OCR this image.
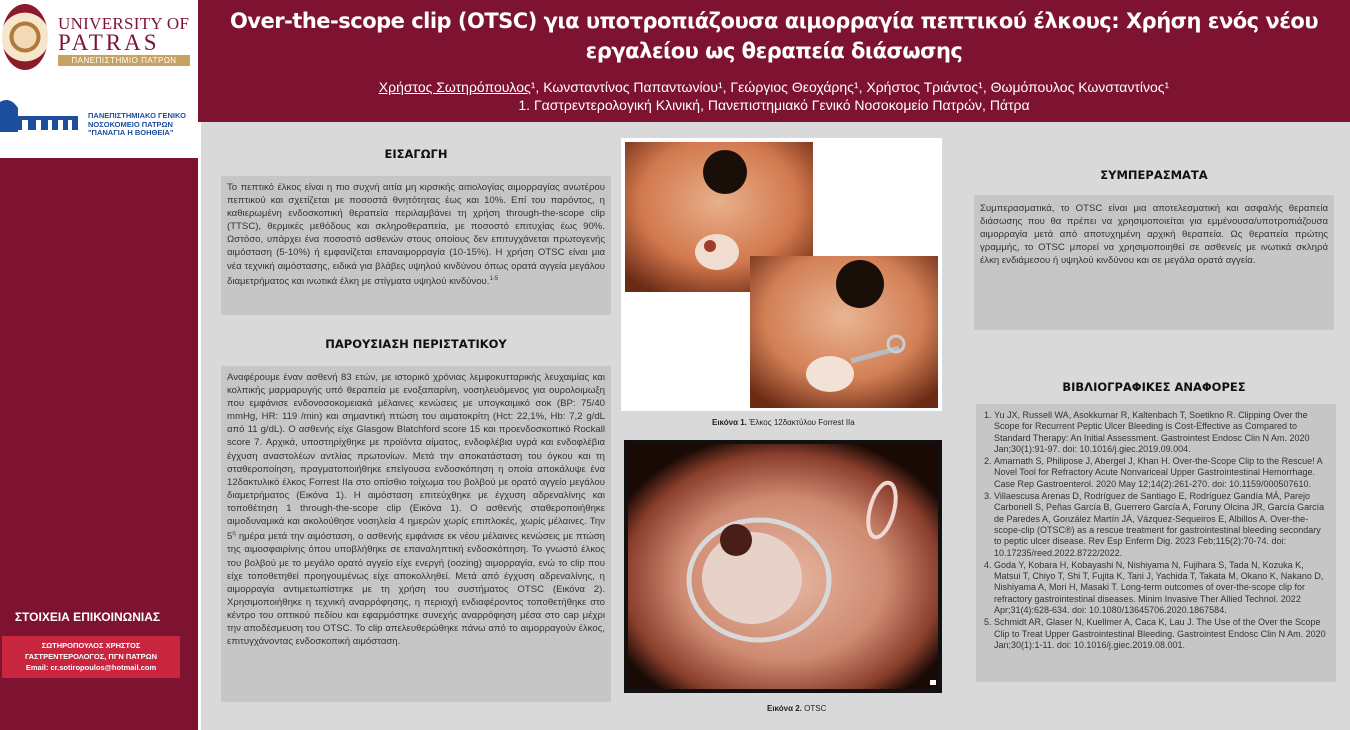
Over-the-scope clip (OTSC) για υποτροπιάζουσα αιμορραγία πεπτικού έλκους: Χρήση ενός νέου
εργαλείου ως θεραπεία διάσωσης
Χρήστος Σωτηρόπουλος¹, Κωνσταντίνος Παπαντωνίου¹, Γεώργιος Θεοχάρης¹, Χρήστος Τριάντος¹, Θωμόπουλος Κωνσταντίνος¹
1. Γαστρεντερολογική Κλινική, Πανεπιστημιακό Γενικό Νοσοκομείο Πατρών, Πάτρα
UNIVERSITY OF
PATRAS
ΠΑΝΕΠΙΣΤΗΜΙΟ ΠΑΤΡΩΝ
ΠΑΝΕΠΙΣΤΗΜΙΑΚΟ ΓΕΝΙΚΟ
ΝΟΣΟΚΟΜΕΙΟ ΠΑΤΡΩΝ
"ΠΑΝΑΓΙΑ Η ΒΟΗΘΕΙΑ"
ΣΤΟΙΧΕΙΑ ΕΠΙΚΟΙΝΩΝΙΑΣ
ΣΩΤΗΡΟΠΟΥΛΟΣ ΧΡΗΣΤΟΣ
ΓΑΣΤΡΕΝΤΕΡΟΛΟΓΟΣ, ΠΓΝ ΠΑΤΡΩΝ
Email: cr.sotiropoulos@hotmail.com
ΕΙΣΑΓΩΓΗ
Το πεπτικό έλκος είναι η πιο συχνή αιτία μη κιρσικής αιτιολογίας αιμορραγίας ανωτέρου πεπτικού και σχετίζεται με ποσοστά θνητότητας έως και 10%. Επί του παρόντος, η καθιερωμένη ενδοσκοπική θεραπεία περιλαμβάνει τη χρήση through-the-scope clip (TTSC), θερμικές μεθόδους και σκληροθεραπεία, με ποσοστό επιτυχίας έως 90%. Ωστόσο, υπάρχει ένα ποσοστό ασθενών στους οποίους δεν επιτυγχάνεται πρωτογενής αιμόσταση (5-10%) ή εμφανίζεται επαναιμορραγία (10-15%). Η χρήση OTSC είναι μια νέα τεχνική αιμόστασης, ειδικά για βλάβες υψηλού κινδύνου όπως ορατά αγγεία μεγάλου διαμετρήματος και ινωτικά έλκη με στίγματα υψηλού κινδύνου.$^{1-5}$
ΠΑΡΟΥΣΙΑΣΗ ΠΕΡΙΣΤΑΤΙΚΟΥ
Αναφέρουμε έναν ασθενή 83 ετών, με ιστορικό χρόνιας λεμφοκυτταρικής λευχαιμίας και κολπικής μαρμαρυγής υπό θεραπεία με ενοξαπαρίνη, νοσηλευόμενος για ουρολοιμωξη που εμφάνισε ενδονοσοκομειακά μέλαινες κενώσεις με υπογκαιμικό σοκ (BP: 75/40 mmHg, HR: 119 /min) και σημαντική πτώση του αιματοκρίτη (Hct: 22,1%, Hb: 7,2 g/dL από 11 g/dL). Ο ασθενής είχε Glasgow Blatchford score 15 και προενδοσκοπικό Rockall score 7. Αρχικά, υποστηρίχθηκε με προϊόντα αίματος, ενδοφλέβια υγρά και ενδοφλέβια έγχυση αναστολέων αντλίας πρωτονίων. Μετά την αποκατάσταση του όγκου και τη σταθεροποίηση, πραγματοποιήθηκε επείγουσα ενδοσκόπηση η οποία αποκάλυψε ένα 12δακτυλικό έλκος Forrest IIa στο οπίσθιο τοίχωμα του βολβού με ορατό αγγείο μεγάλου διαμετρήματος (Εικόνα 1). Η αιμόσταση επιτεύχθηκε με έγχυση αδρεναλίνης και τοποθέτηση 1 through-the-scope clip (Εικόνα 1). Ο ασθενής σταθεροποιήθηκε αιμοδυναμικά και ακολούθησε νοσηλεία 4 ημερών χωρίς επιπλοκές, χωρίς μέλαινες. Την $5^\eta$ ημέρα μετά την αιμόσταση, ο ασθενής εμφάνισε εκ νέου μέλαινες κενώσεις με πτώση της αιμοσφαιρίνης όπου υποβλήθηκε σε επαναληπτική ενδοσκόπηση. Το γνωστό έλκος του βολβού με το μεγάλο ορατό αγγείο είχε ενεργή (oozing) αιμορραγία, ενώ το clip που είχε τοποθετηθεί προηγουμένως είχε αποκολληθεί. Μετά από έγχυση αδρεναλίνης, η αιμορραγία αντιμετωπίστηκε με τη χρήση του συστήματος OTSC (Εικόνα 2). Χρησιμοποιήθηκε η τεχνική αναρρόφησης, η περιοχή ενδιαφέροντος τοποθετήθηκε στο κέντρο του οπτικού πεδίου και εφαρμόστηκε συνεχής αναρρόφηση μέσα στο cap μέχρι την αποδέσμευση του OTSC. Το clip απελευθερώθηκε πάνω από το αιμορραγούν έλκος, επιτυγχάνοντας ενδοσκοπική αιμόσταση.
Εικόνα 1. Έλκος 12δακτύλου Forrest IIa
Εικόνα 2. OTSC
ΣΥΜΠΕΡΑΣΜΑΤΑ
Συμπερασματικά, το OTSC είναι μια αποτελεσματική και ασφαλής θεραπεία διάσωσης που θα πρέπει να χρησιμοποιείται για εμμένουσα/υποτροπιάζουσα αιμορραγία μετά από αποτυχημένη αρχική θεραπεία. Ως θεραπεία πρώτης γραμμής, το OTSC μπορεί να χρησιμοποιηθεί σε ασθενείς με ινωτικά σκληρά έλκη ενδιάμεσου ή υψηλού κινδύνου και σε μεγάλα ορατά αγγεία.
ΒΙΒΛΙΟΓΡΑΦΙΚΕΣ ΑΝΑΦΟΡΕΣ
1. Yu JX, Russell WA, Asokkumar R, Kaltenbach T, Soetikno R. Clipping Over the Scope for Recurrent Peptic Ulcer Bleeding is Cost-Effective as Compared to Standard Therapy: An Initial Assessment. Gastrointest Endosc Clin N Am. 2020 Jan;30(1):91-97. doi: 10.1016/j.giec.2019.09.004.
2. Amarnath S, Philipose J, Abergel J, Khan H. Over-the-Scope Clip to the Rescue! A Novel Tool for Refractory Acute Nonvariceal Upper Gastrointestinal Hemorrhage. Case Rep Gastroenterol. 2020 May 12;14(2):261-270. doi: 10.1159/000507610.
3. Villaescusa Arenas D, Rodríguez de Santiago E, Rodríguez Gandía MÁ, Parejo Carbonell S, Peñas García B, Guerrero García A, Foruny Olcina JR, García García de Paredes A, González Martín JÁ, Vázquez-Sequeiros E, Albillos A. Over-the-scope-clip (OTSC®) as a rescue treatment for gastrointestinal bleeding secondary to peptic ulcer disease. Rev Esp Enferm Dig. 2023 Feb;115(2):70-74. doi: 10.17235/reed.2022.8722/2022.
4. Goda Y, Kobara H, Kobayashi N, Nishiyama N, Fujihara S, Tada N, Kozuka K, Matsui T, Chiyo T, Shi T, Fujita K, Tani J, Yachida T, Takata M, Okano K, Nakano D, Nishiyama A, Mori H, Masaki T. Long-term outcomes of over-the-scope clip for refractory gastrointestinal diseases. Minim Invasive Ther Allied Technol. 2022 Apr;31(4):628-634. doi: 10.1080/13645706.2020.1867584.
5. Schmidt AR, Glaser N, Kuellmer A, Caca K, Lau J. The Use of the Over the Scope Clip to Treat Upper Gastrointestinal Bleeding. Gastrointest Endosc Clin N Am. 2020 Jan;30(1):1-11. doi: 10.1016/j.giec.2019.08.001.
